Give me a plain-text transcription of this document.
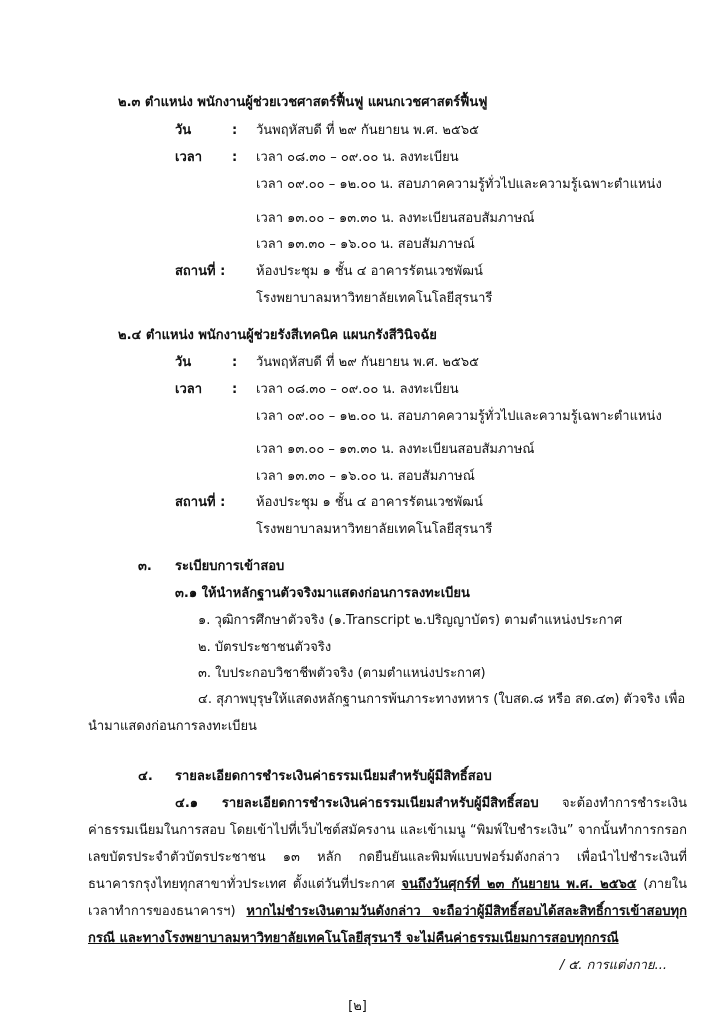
๒.๓ ตำแหน่ง พนักงานผู้ช่วยเวชศาสตร์ฟื้นฟู แผนกเวชศาสตร์ฟื้นฟู
วัน	: วันพฤหัสบดี ที่ ๒๙ กันยายน พ.ศ. ๒๕๖๕
เวลา : เวลา ๐๘.๓๐ – ๐๙.๐๐ น. ลงทะเบียน
เวลา ๐๙.๐๐ – ๑๒.๐๐ น. สอบภาคความรู้ทั่วไปและความรู้เฉพาะตำแหน่ง
เวลา ๑๓.๐๐ – ๑๓.๓๐ น. ลงทะเบียนสอบสัมภาษณ์
เวลา ๑๓.๓๐ – ๑๖.๐๐ น. สอบสัมภาษณ์
สถานที่ : ห้องประชุม ๑ ชั้น ๔ อาคารรัตนเวชพัฒน์
โรงพยาบาลมหาวิทยาลัยเทคโนโลยีสุรนารี
๒.๔ ตำแหน่ง พนักงานผู้ช่วยรังสีเทคนิค แผนกรังสีวินิจฉัย
วัน	: วันพฤหัสบดี ที่ ๒๙ กันยายน พ.ศ. ๒๕๖๕
เวลา : เวลา ๐๘.๓๐ – ๐๙.๐๐ น. ลงทะเบียน
เวลา ๐๙.๐๐ – ๑๒.๐๐ น. สอบภาคความรู้ทั่วไปและความรู้เฉพาะตำแหน่ง
เวลา ๑๓.๐๐ – ๑๓.๓๐ น. ลงทะเบียนสอบสัมภาษณ์
เวลา ๑๓.๓๐ – ๑๖.๐๐ น. สอบสัมภาษณ์
สถานที่ : ห้องประชุม ๑ ชั้น ๔ อาคารรัตนเวชพัฒน์
โรงพยาบาลมหาวิทยาลัยเทคโนโลยีสุรนารี
๓. ระเบียบการเข้าสอบ
๓.๑ ให้นำหลักฐานตัวจริงมาแสดงก่อนการลงทะเบียน
๑. วุฒิการศึกษาตัวจริง (๑.Transcript ๒.ปริญญาบัตร) ตามตำแหน่งประกาศ
๒. บัตรประชาชนตัวจริง
๓. ใบประกอบวิชาชีพตัวจริง (ตามตำแหน่งประกาศ)
๔. สุภาพบุรุษให้แสดงหลักฐานการพ้นภาระทางทหาร (ใบสด.๘ หรือ สด.๔๓) ตัวจริง เพื่อ
นำมาแสดงก่อนการลงทะเบียน
๔. รายละเอียดการชำระเงินค่าธรรมเนียมสำหรับผู้มีสิทธิ์สอบ
๔.๑ รายละเอียดการชำระเงินค่าธรรมเนียมสำหรับผู้มีสิทธิ์สอบ จะต้องทำการชำระเงิน
ค่าธรรมเนียมในการสอบ โดยเข้าไปที่เว็บไซต์สมัครงาน และเข้าเมนู “พิมพ์ใบชำระเงิน” จากนั้นทำการกรอก
เลขบัตรประจำตัวบัตรประชาชน ๑๓ หลัก กดยืนยันและพิมพ์แบบฟอร์มดังกล่าว เพื่อนำไปชำระเงินที่
ธนาคารกรุงไทยทุกสาขาทั่วประเทศ ตั้งแต่วันที่ประกาศ จนถึงวันศุกร์ที่ ๒๓ กันยายน พ.ศ. ๒๕๖๕ (ภายใน
เวลาทำการของธนาคารฯ) หากไม่ชำระเงินตามวันดังกล่าว จะถือว่าผู้มีสิทธิ์สอบได้สละสิทธิ์การเข้าสอบทุก
กรณี และทางโรงพยาบาลมหาวิทยาลัยเทคโนโลยีสุรนารี จะไม่คืนค่าธรรมเนียมการสอบทุกกรณี
/ ๕. การแต่งกาย...
[๒]
